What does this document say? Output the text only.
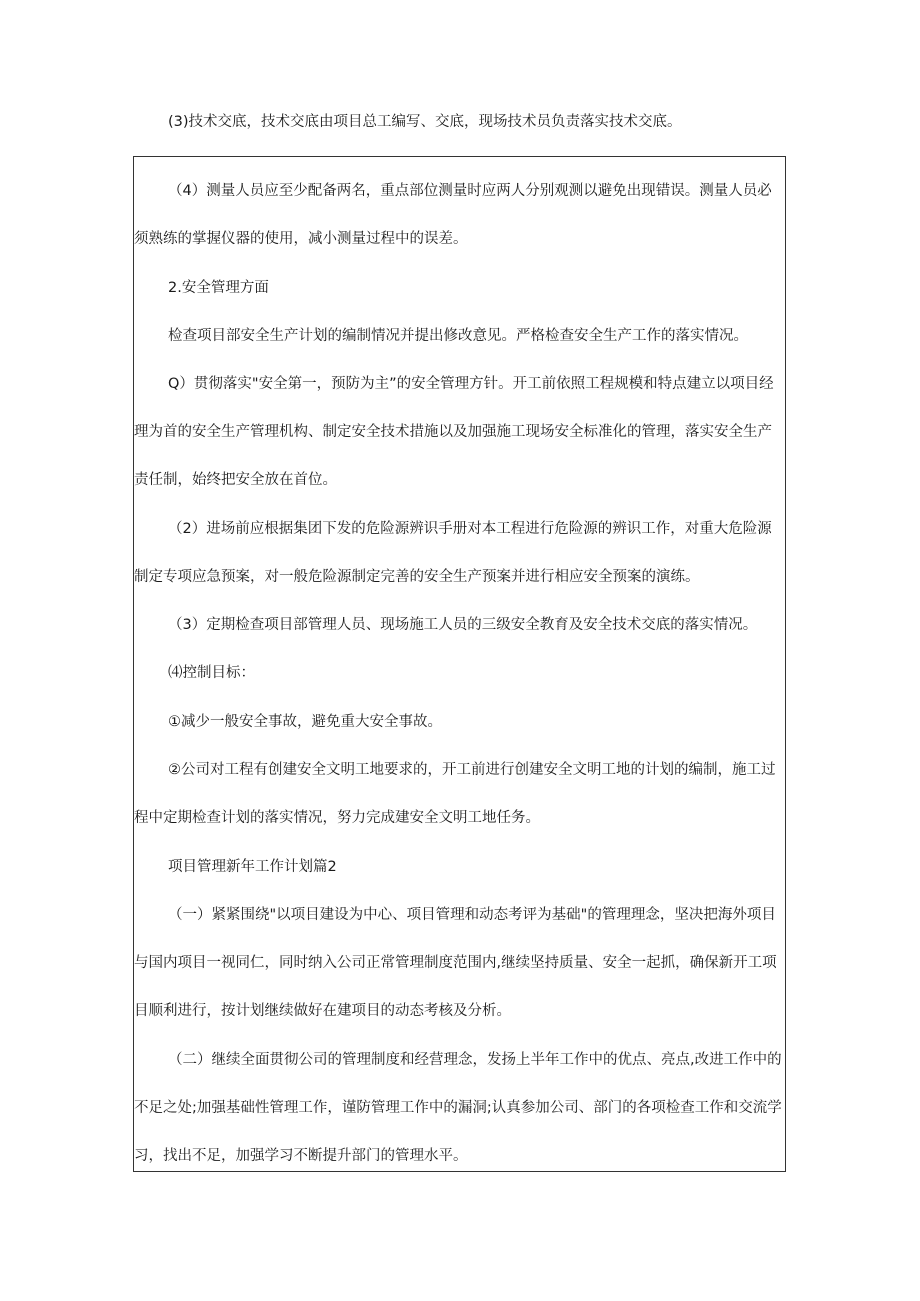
(3)技术交底，技术交底由项目总工编写、交底，现场技术员负责落实技术交底。
（4）测量人员应至少配备两名，重点部位测量时应两人分别观测以避免出现错误。测量人员必
须熟练的掌握仪器的使用，减小测量过程中的误差。
2.安全管理方面
检查项目部安全生产计划的编制情况并提出修改意见。严格检查安全生产工作的落实情况。
Q）贯彻落实"安全第一，预防为主”的安全管理方针。开工前依照工程规模和特点建立以项目经
理为首的安全生产管理机构、制定安全技术措施以及加强施工现场安全标准化的管理，落实安全生产
责任制，始终把安全放在首位。
（2）进场前应根据集团下发的危险源辨识手册对本工程进行危险源的辨识工作，对重大危险源
制定专项应急预案，对一般危险源制定完善的安全生产预案并进行相应安全预案的演练。
（3）定期检查项目部管理人员、现场施工人员的三级安全教育及安全技术交底的落实情况。
⑷控制目标：
①减少一般安全事故，避免重大安全事故。
②公司对工程有创建安全文明工地要求的，开工前进行创建安全文明工地的计划的编制，施工过
程中定期检查计划的落实情况，努力完成建安全文明工地任务。
项目管理新年工作计划篇2
（一）紧紧围绕"以项目建设为中心、项目管理和动态考评为基础"的管理理念，坚决把海外项目
与国内项目一视同仁，同时纳入公司正常管理制度范围内,继续坚持质量、安全一起抓，确保新开工项
目顺利进行，按计划继续做好在建项目的动态考核及分析。
（二）继续全面贯彻公司的管理制度和经营理念，发扬上半年工作中的优点、亮点,改进工作中的
不足之处;加强基础性管理工作，谨防管理工作中的漏洞;认真参加公司、部门的各项检查工作和交流学
习，找出不足，加强学习不断提升部门的管理水平。
